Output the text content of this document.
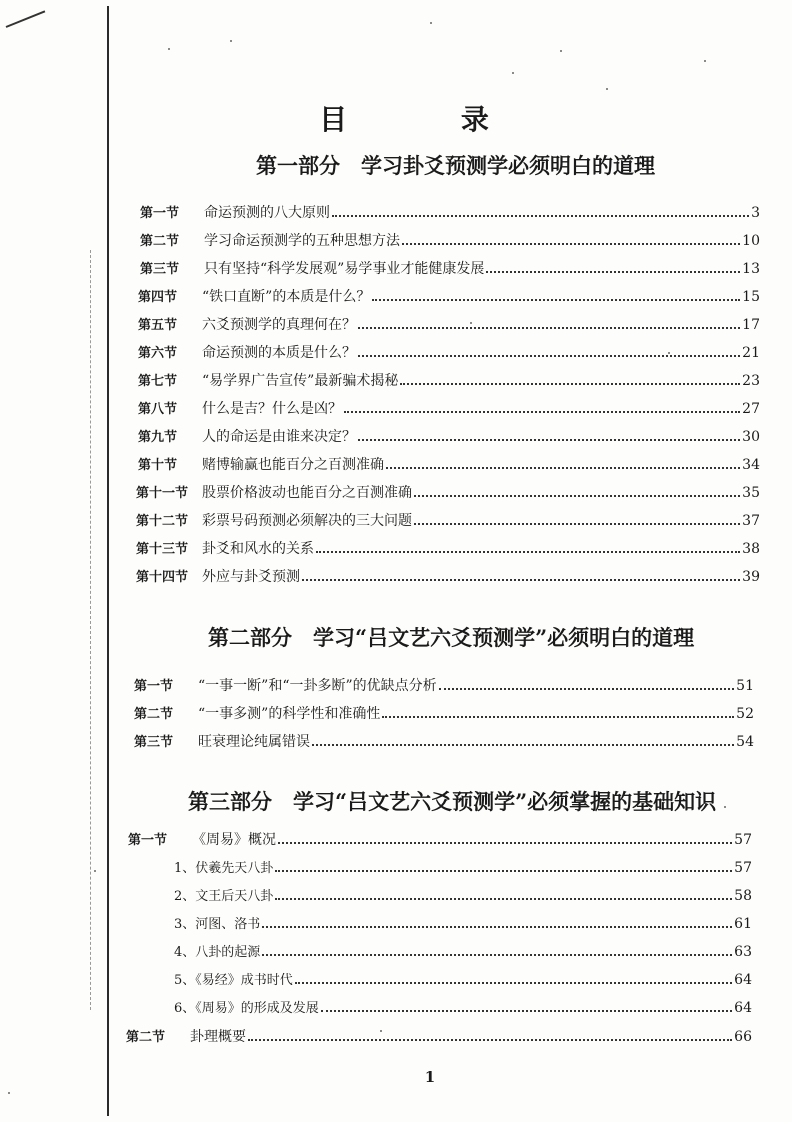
目 录
第一部分　学习卦爻预测学必须明白的道理
第一节	命运预测的八大原则	3
第二节	学习命运预测学的五种思想方法	10
第三节	只有坚持“科学发展观”易学事业才能健康发展	13
第四节	“铁口直断”的本质是什么？	15
第五节	六爻预测学的真理何在？	17
第六节	命运预测的本质是什么？	21
第七节	“易学界广告宣传”最新骗术揭秘	23
第八节	什么是吉？什么是凶？	27
第九节	人的命运是由谁来决定？	30
第十节	赌博输赢也能百分之百测准确	34
第十一节 股票价格波动也能百分之百测准确	35
第十二节 彩票号码预测必须解决的三大问题	37
第十三节 卦爻和风水的关系	38
第十四节 外应与卦爻预测	39
第二部分　学习“吕文艺六爻预测学”必须明白的道理
第一节	“一事一断”和“一卦多断”的优缺点分析	51
第二节	“一事多测”的科学性和准确性	52
第三节	旺衰理论纯属错误	54
第三部分　学习“吕文艺六爻预测学”必须掌握的基础知识
第一节	《周易》概况	57
1、伏羲先天八卦	57
2、文王后天八卦	58
3、河图、洛书	61
4、八卦的起源	63
5、《易经》成书时代	64
6、《周易》的形成及发展	64
第二节	卦理概要	66
1
